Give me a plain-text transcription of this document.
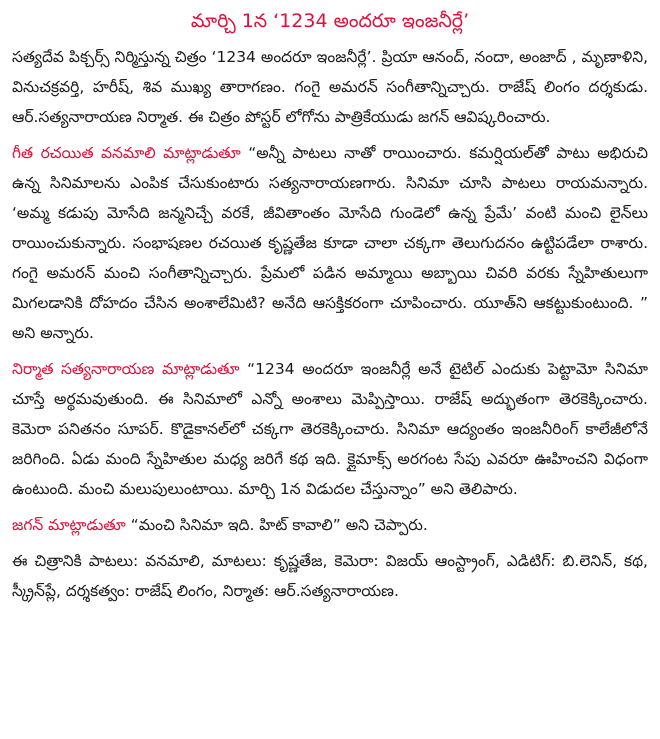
మార్చి 1న ‘1234 అందరూ ఇంజనీర్లే’

సత్యదేవ పిక్చర్స్ నిర్మిస్తున్న చిత్రం ‘1234 అందరూ ఇంజనీర్లే’. ప్రియా ఆనంద్, నందా, అంజాద్ , మృణాళిని, వినుచక్రవర్తి, హరీష్, శివ ముఖ్య తారాగణం. గంగై అమరన్ సంగీతాన్నిచ్చారు. రాజేష్ లింగం దర్శకుడు. ఆర్.సత్యనారాయణ నిర్మాత. ఈ చిత్రం పోస్టర్ లోగోను పాత్రికేయుడు జగన్ ఆవిష్కరించారు.

గీత రచయిత వనమాలి మాట్లాడుతూ “అన్నీ పాటలు నాతో రాయించారు. కమర్షియల్‌తో పాటు అభిరుచి ఉన్న సినిమాలను ఎంపిక చేసుకుంటారు సత్యనారాయణగారు. సినిమా చూసి పాటలు రాయమన్నారు. ‘అమ్మ కడుపు మోసేది జన్మనిచ్చే వరకే, జీవితాంతం మోసేది గుండెలో ఉన్న ప్రేమే’ వంటి మంచి లైన్‌లు రాయించుకున్నారు. సంభాషణల రచయిత కృష్ణతేజ కూడా చాలా చక్కగా తెలుగుదనం ఉట్టిపడేలా రాశారు. గంగై అమరన్ మంచి సంగీతాన్నిచ్చారు. ప్రేమలో పడిన అమ్మాయి అబ్బాయి చివరి వరకు స్నేహితులుగా మిగలడానికి దోహదం చేసిన అంశాలేమిటి? అనేది ఆసక్తికరంగా చూపించారు. యూత్‌ని ఆకట్టుకుంటుంది. ” అని అన్నారు.

నిర్మాత సత్యనారాయణ మాట్లాడుతూ “1234 అందరూ ఇంజనీర్లే అనే టైటిల్ ఎందుకు పెట్టామో సినిమా చూస్తే అర్థమవుతుంది. ఈ సినిమాలో ఎన్నో అంశాలు మెప్పిస్తాయి. రాజేష్ అద్భుతంగా తెరకెక్కించారు. కెమెరా పనితనం సూపర్. కొడైకానల్‌లో చక్కగా తెరకెక్కించారు. సినిమా ఆద్యంతం ఇంజనీరింగ్ కాలేజీలోనే జరిగింది. ఏడు మంది స్నేహితుల మధ్య జరిగే కథ ఇది. క్లైమాక్స్ అరగంట సేపు ఎవరూ ఊహించని విధంగా ఉంటుంది. మంచి మలుపులుంటాయి. మార్చి 1న విడుదల చేస్తున్నాం” అని తెలిపారు.

జగన్ మాట్లాడుతూ “మంచి సినిమా ఇది. హిట్ కావాలి” అని చెప్పారు.

ఈ చిత్రానికి పాటలు: వనమాలి, మాటలు: కృష్ణతేజ, కెమెరా: విజయ్ ఆంస్ట్రాంగ్, ఎడిటిగ్: బి.లెనిన్, కథ, స్క్రీన్‌ప్లే, దర్శకత్వం: రాజేష్ లింగం, నిర్మాత: ఆర్.సత్యనారాయణ.
